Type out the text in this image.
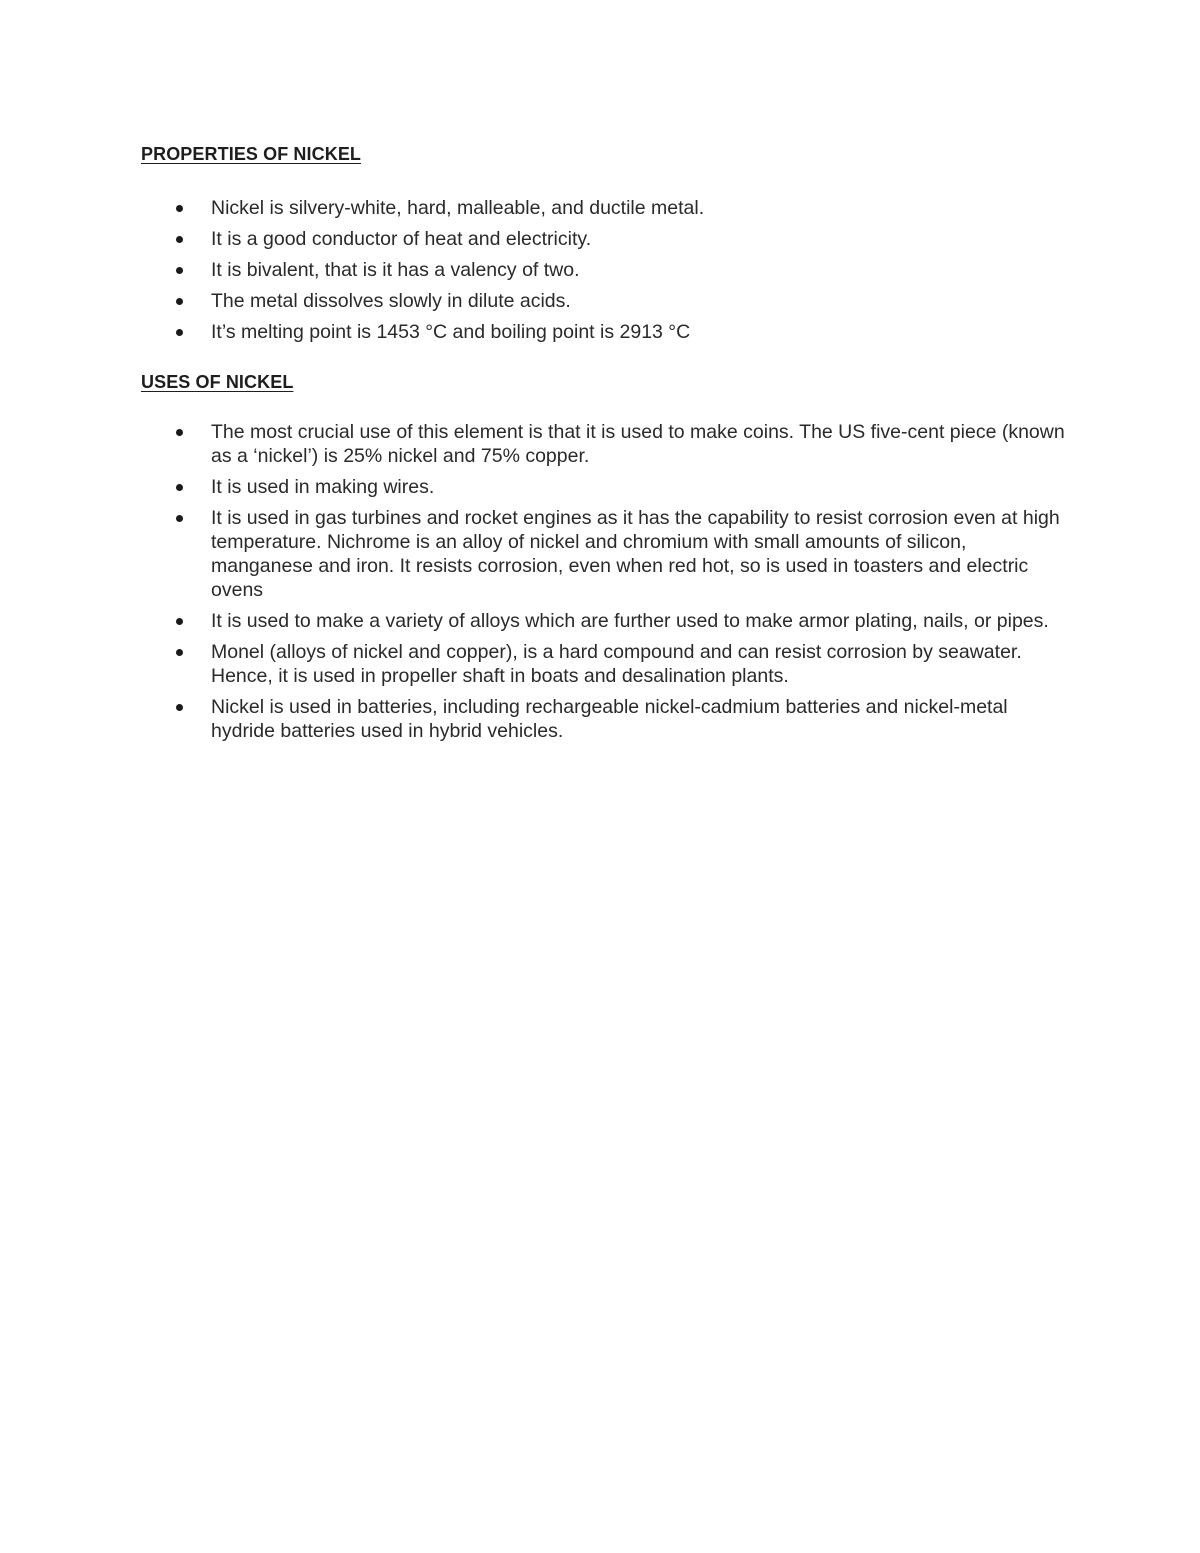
PROPERTIES OF NICKEL
Nickel is silvery-white, hard, malleable, and ductile metal.
It is a good conductor of heat and electricity.
It is bivalent, that is it has a valency of two.
The metal dissolves slowly in dilute acids.
It’s melting point is 1453 °C and boiling point is 2913 °C
USES OF NICKEL
The most crucial use of this element is that it is used to make coins. The US five-cent piece (known as a ‘nickel’) is 25% nickel and 75% copper.
It is used in making wires.
It is used in gas turbines and rocket engines as it has the capability to resist corrosion even at high temperature. Nichrome is an alloy of nickel and chromium with small amounts of silicon, manganese and iron. It resists corrosion, even when red hot, so is used in toasters and electric ovens
It is used to make a variety of alloys which are further used to make armor plating, nails, or pipes.
Monel (alloys of nickel and copper), is a hard compound and can resist corrosion by seawater. Hence, it is used in propeller shaft in boats and desalination plants.
Nickel is used in batteries, including rechargeable nickel-cadmium batteries and nickel-metal hydride batteries used in hybrid vehicles.
